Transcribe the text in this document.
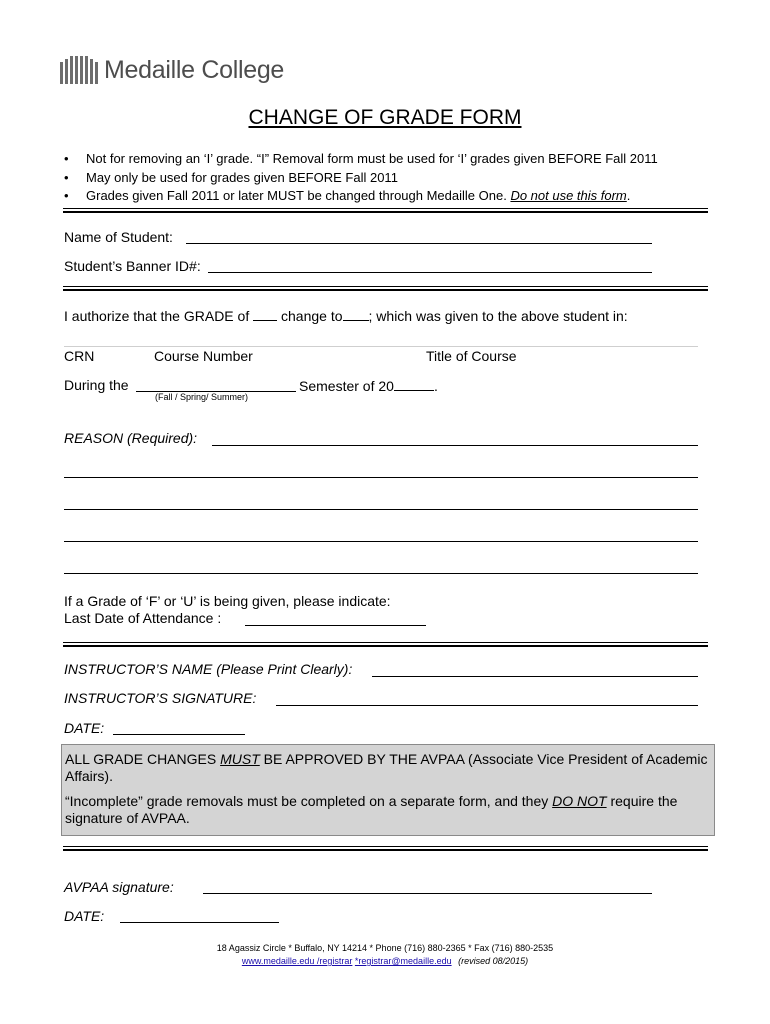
Medaille College
CHANGE OF GRADE FORM
• Not for removing an ‘I’ grade. “I” Removal form must be used for ‘I’ grades given BEFORE Fall 2011
• May only be used for grades given BEFORE Fall 2011
• Grades given Fall 2011 or later MUST be changed through Medaille One. Do not use this form.
Name of Student:
Student’s Banner ID#:
I authorize that the GRADE of change to ; which was given to the above student in:
CRN	Course Number	Title of Course
During the
(Fall / Spring/ Summer)
Semester of 20	.
REASON (Required):
If a Grade of ‘F’ or ‘U’ is being given, please indicate:
Last Date of Attendance :
INSTRUCTOR’S NAME (Please Print Clearly):
INSTRUCTOR’S SIGNATURE:
DATE:

ALL GRADE CHANGES MUST BE APPROVED BY THE AVPAA (Associate Vice President of Academic Affairs).

“Incomplete” grade removals must be completed on a separate form, and they DO NOT require the signature of AVPAA.

AVPAA signature:
DATE:
18 Agassiz Circle * Buffalo, NY 14214 * Phone (716) 880-2365 * Fax (716) 880-2535
www.medaille.edu /registrar *registrar@medaille.edu (revised 08/2015)
